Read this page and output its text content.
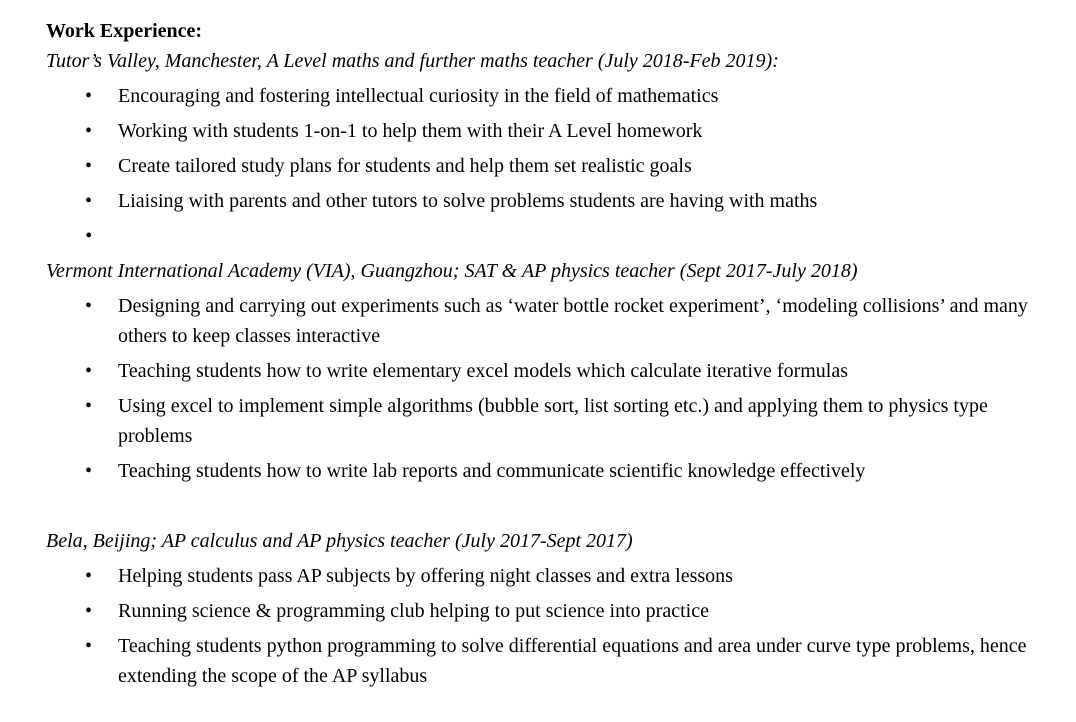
Work Experience:

Tutor’s Valley, Manchester, A Level maths and further maths teacher (July 2018-Feb 2019):

• Encouraging and fostering intellectual curiosity in the field of mathematics
• Working with students 1-on-1 to help them with their A Level homework
• Create tailored study plans for students and help them set realistic goals
• Liaising with parents and other tutors to solve problems students are having with maths
•

Vermont International Academy (VIA), Guangzhou; SAT & AP physics teacher (Sept 2017-July 2018)

• Designing and carrying out experiments such as ‘water bottle rocket experiment’, ‘modeling collisions’ and many others to keep classes interactive
• Teaching students how to write elementary excel models which calculate iterative formulas
• Using excel to implement simple algorithms (bubble sort, list sorting etc.) and applying them to physics type problems
• Teaching students how to write lab reports and communicate scientific knowledge effectively

Bela, Beijing; AP calculus and AP physics teacher (July 2017-Sept 2017)

• Helping students pass AP subjects by offering night classes and extra lessons
• Running science & programming club helping to put science into practice
• Teaching students python programming to solve differential equations and area under curve type problems, hence extending the scope of the AP syllabus
